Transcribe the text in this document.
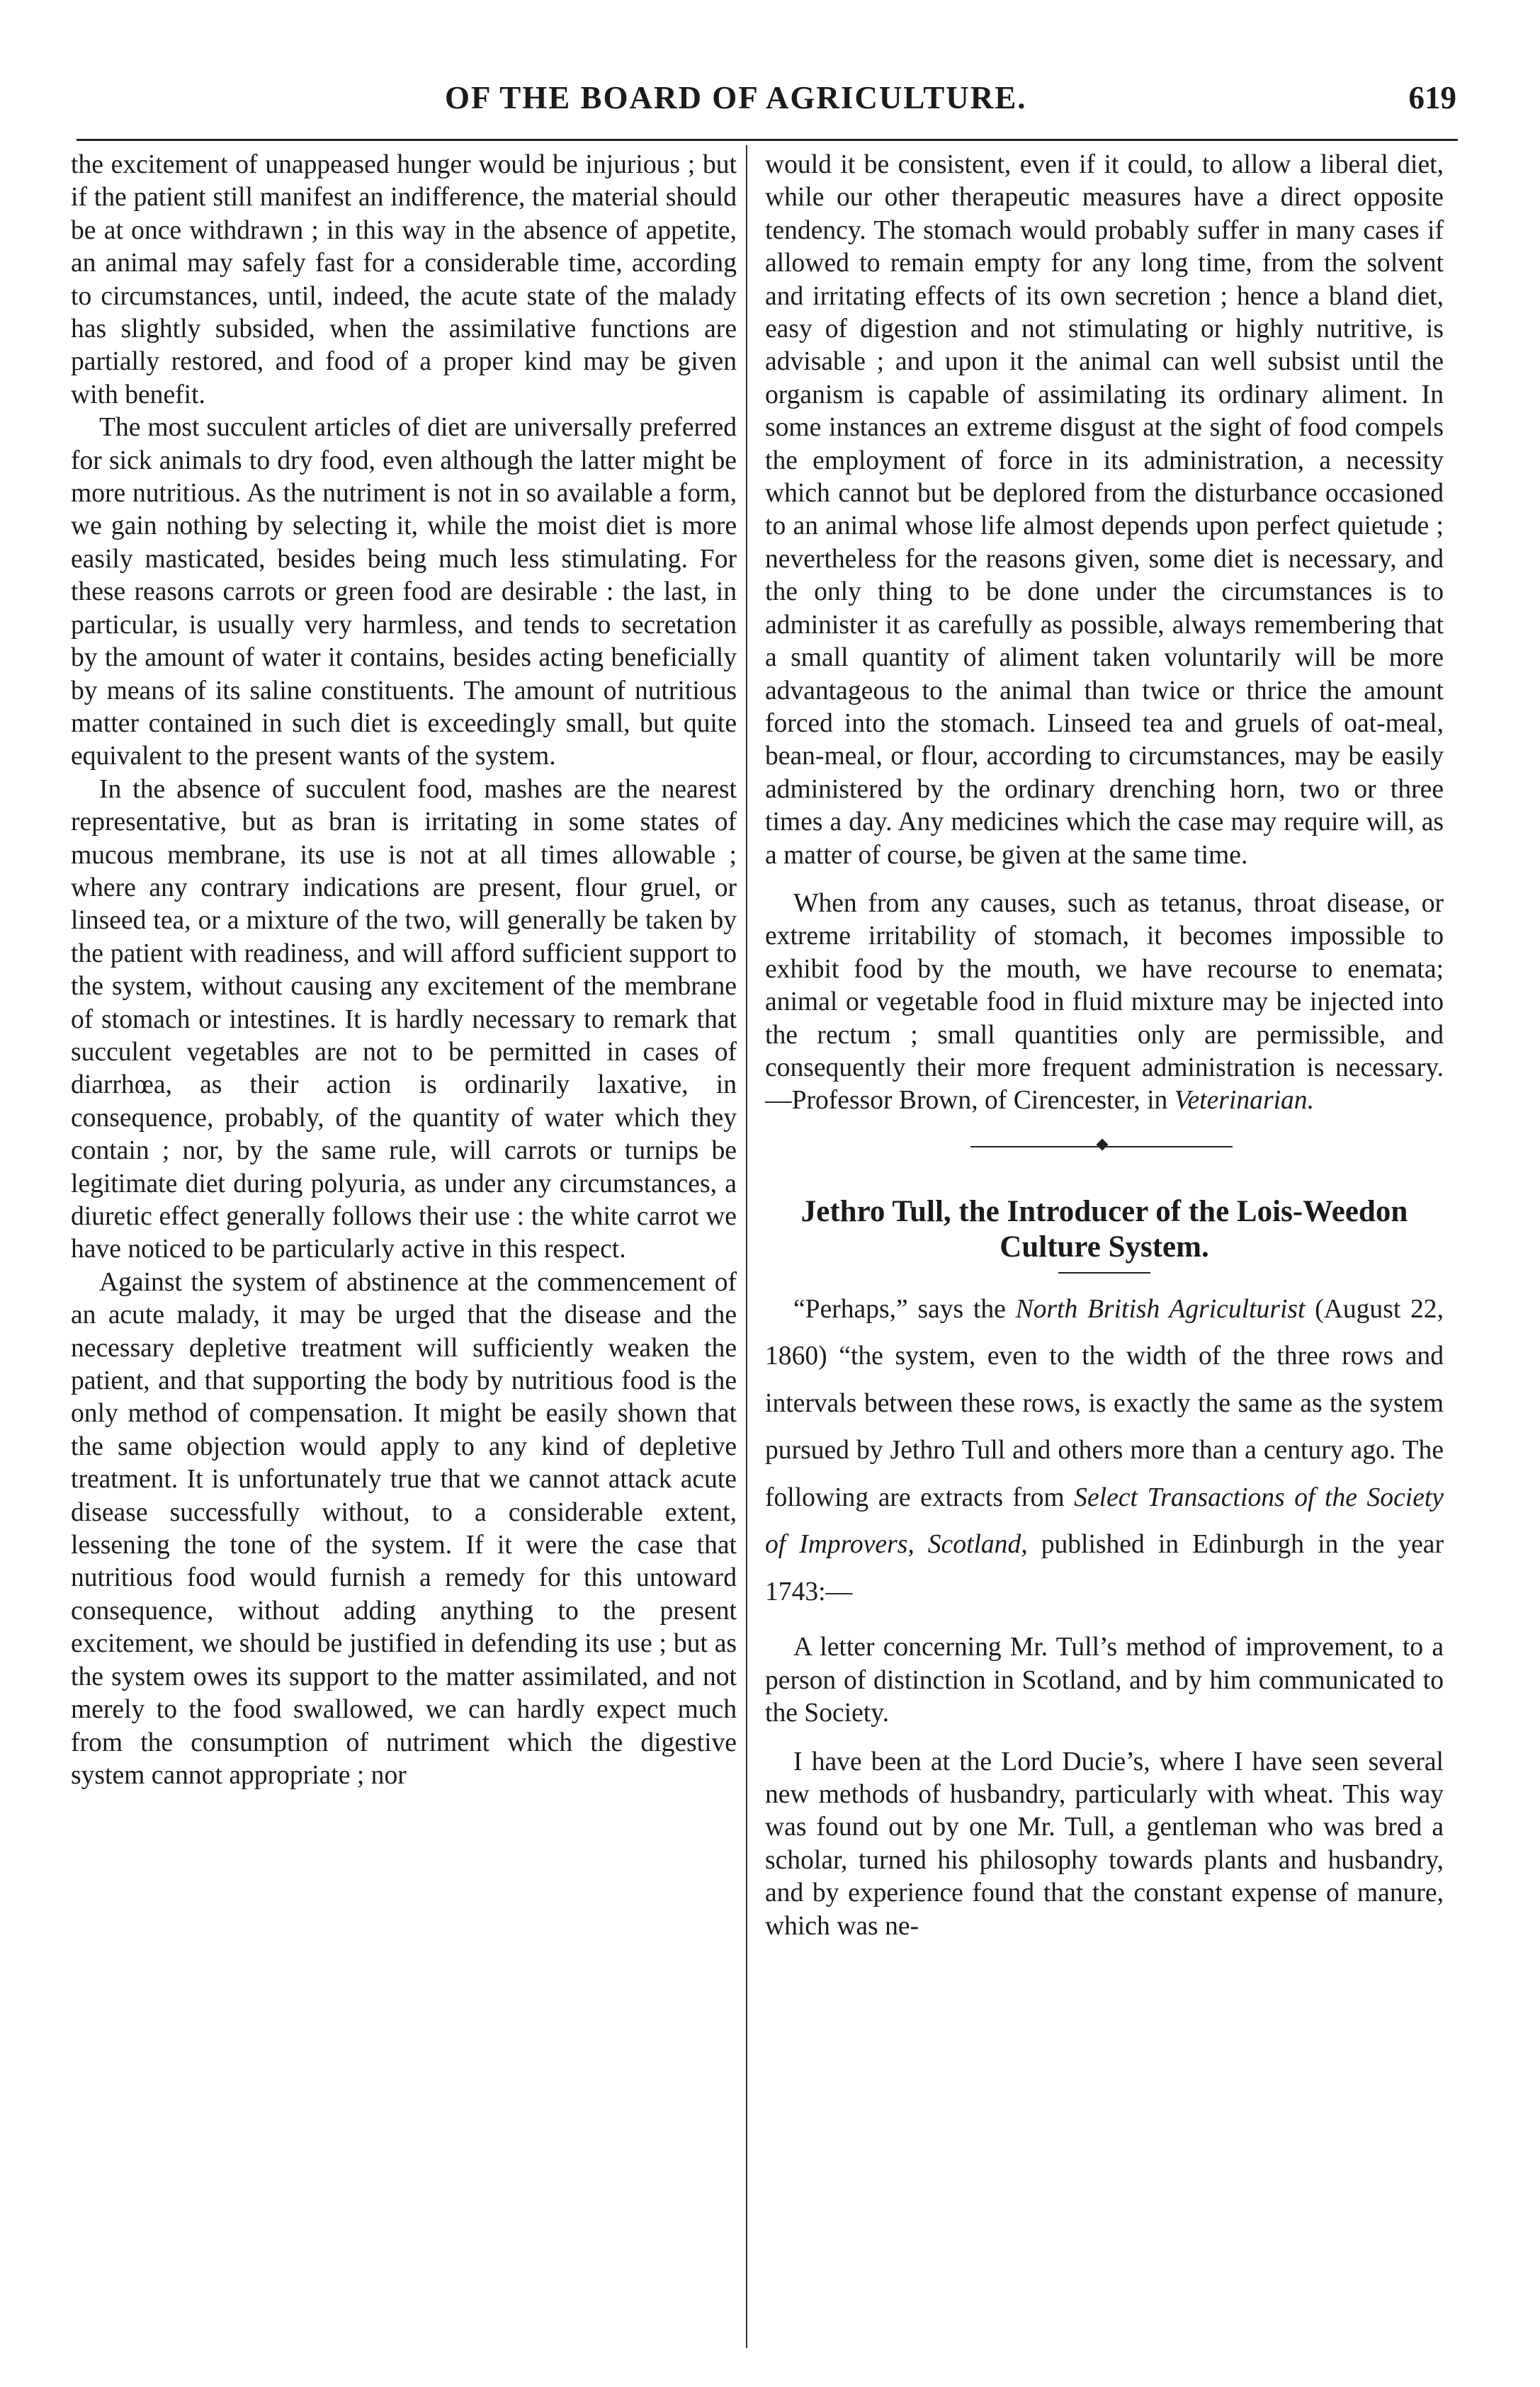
OF THE BOARD OF AGRICULTURE.	619

the excitement of unappeased hunger would be injurious ; but if the patient still manifest an indifference, the material should be at once withdrawn ; in this way in the absence of appetite, an animal may safely fast for a considerable time, according to circumstances, until, indeed, the acute state of the malady has slightly subsided, when the assimilative functions are partially restored, and food of a proper kind may be given with benefit.

The most succulent articles of diet are universally preferred for sick animals to dry food, even although the latter might be more nutritious. As the nutriment is not in so available a form, we gain nothing by selecting it, while the moist diet is more easily masticated, besides being much less stimulating. For these reasons carrots or green food are desirable : the last, in particular, is usually very harmless, and tends to secretation by the amount of water it contains, besides acting beneficially by means of its saline constituents. The amount of nutritious matter contained in such diet is exceedingly small, but quite equivalent to the present wants of the system.

In the absence of succulent food, mashes are the nearest representative, but as bran is irritating in some states of mucous membrane, its use is not at all times allowable ; where any contrary indications are present, flour gruel, or linseed tea, or a mixture of the two, will generally be taken by the patient with readiness, and will afford sufficient support to the system, without causing any excitement of the membrane of stomach or intestines. It is hardly necessary to remark that succulent vegetables are not to be permitted in cases of diarrhœa, as their action is ordinarily laxative, in consequence, probably, of the quantity of water which they contain ; nor, by the same rule, will carrots or turnips be legitimate diet during polyuria, as under any circumstances, a diuretic effect generally follows their use : the white carrot we have noticed to be particularly active in this respect.

Against the system of abstinence at the commencement of an acute malady, it may be urged that the disease and the necessary depletive treatment will sufficiently weaken the patient, and that supporting the body by nutritious food is the only method of compensation. It might be easily shown that the same objection would apply to any kind of depletive treatment. It is unfortunately true that we cannot attack acute disease successfully without, to a considerable extent, lessening the tone of the system. If it were the case that nutritious food would furnish a remedy for this untoward consequence, without adding anything to the present excitement, we should be justified in defending its use ; but as the system owes its support to the matter assimilated, and not merely to the food swallowed, we can hardly expect much from the consumption of nutriment which the digestive system cannot appropriate ; nor

would it be consistent, even if it could, to allow a liberal diet, while our other therapeutic measures have a direct opposite tendency. The stomach would probably suffer in many cases if allowed to remain empty for any long time, from the solvent and irritating effects of its own secretion ; hence a bland diet, easy of digestion and not stimulating or highly nutritive, is advisable ; and upon it the animal can well subsist until the organism is capable of assimilating its ordinary aliment. In some instances an extreme disgust at the sight of food compels the employment of force in its administration, a necessity which cannot but be deplored from the disturbance occasioned to an animal whose life almost depends upon perfect quietude ; nevertheless for the reasons given, some diet is necessary, and the only thing to be done under the circumstances is to administer it as carefully as possible, always remembering that a small quantity of aliment taken voluntarily will be more advantageous to the animal than twice or thrice the amount forced into the stomach. Linseed tea and gruels of oat-meal, bean-meal, or flour, according to circumstances, may be easily administered by the ordinary drenching horn, two or three times a day. Any medicines which the case may require will, as a matter of course, be given at the same time.

When from any causes, such as tetanus, throat disease, or extreme irritability of stomach, it becomes impossible to exhibit food by the mouth, we have recourse to enemata; animal or vegetable food in fluid mixture may be injected into the rectum ; small quantities only are permissible, and consequently their more frequent administration is necessary.—Professor Brown, of Cirencester, in Veterinarian.

Jethro Tull, the Introducer of the Lois-Weedon Culture System.

“Perhaps,” says the North British Agriculturist (August 22, 1860) “the system, even to the width of the three rows and intervals between these rows, is exactly the same as the system pursued by Jethro Tull and others more than a century ago. The following are extracts from Select Transactions of the Society of Improvers, Scotland, published in Edinburgh in the year 1743:—

A letter concerning Mr. Tull’s method of improvement, to a person of distinction in Scotland, and by him communicated to the Society.

I have been at the Lord Ducie’s, where I have seen several new methods of husbandry, particularly with wheat. This way was found out by one Mr. Tull, a gentleman who was bred a scholar, turned his philosophy towards plants and husbandry, and by experience found that the constant expense of manure, which was ne-
